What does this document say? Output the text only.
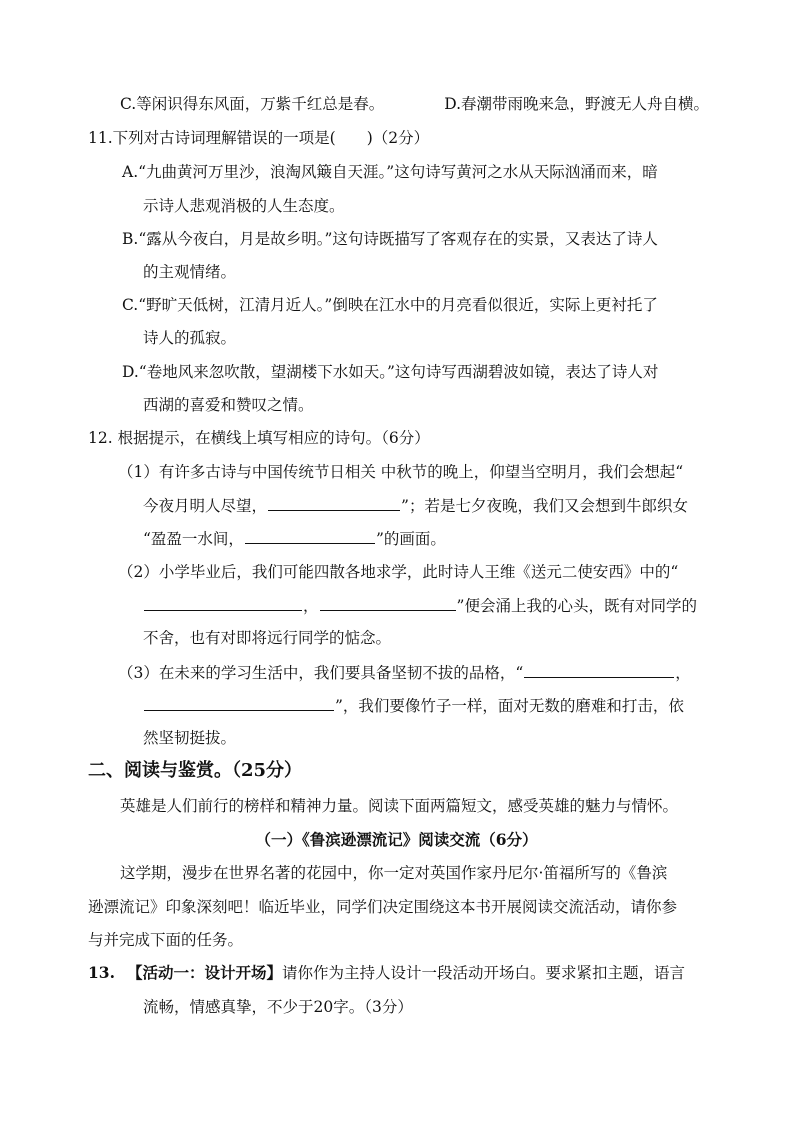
C.等闲识得东风面，万紫千红总是春。	D.春潮带雨晚来急，野渡无人舟自横。
11.下列对古诗词理解错误的一项是(　　)（2分）
A.“九曲黄河万里沙，浪淘风簸自天涯。”这句诗写黄河之水从天际汹涌而来，暗
示诗人悲观消极的人生态度。
B.“露从今夜白，月是故乡明。”这句诗既描写了客观存在的实景，又表达了诗人
的主观情绪。
C.“野旷天低树，江清月近人。”倒映在江水中的月亮看似很近，实际上更衬托了
诗人的孤寂。
D.“卷地风来忽吹散，望湖楼下水如天。”这句诗写西湖碧波如镜，表达了诗人对
西湖的喜爱和赞叹之情。
12. 根据提示，在横线上填写相应的诗句。（6分）
（1）有许多古诗与中国传统节日相关 中秋节的晚上，仰望当空明月，我们会想起“
今夜月明人尽望，	”；若是七夕夜晚，我们又会想到牛郎织女
“盈盈一水间，	”的画面。
（2）小学毕业后，我们可能四散各地求学，此时诗人王维《送元二使安西》中的“
，	”便会涌上我的心头，既有对同学的
不舍，也有对即将远行同学的惦念。
（3）在未来的学习生活中，我们要具备坚韧不拔的品格，“	，
”，我们要像竹子一样，面对无数的磨难和打击，依
然坚韧挺拔。
二、阅读与鉴赏。（25分）
英雄是人们前行的榜样和精神力量。阅读下面两篇短文，感受英雄的魅力与情怀。
（一）《鲁滨逊漂流记》阅读交流（6分）
这学期，漫步在世界名著的花园中，你一定对英国作家丹尼尔·笛福所写的《鲁滨
逊漂流记》印象深刻吧！临近毕业，同学们决定围绕这本书开展阅读交流活动，请你参
与并完成下面的任务。
13. 【活动一：设计开场】请你作为主持人设计一段活动开场白。要求紧扣主题，语言
流畅，情感真挚，不少于20字。（3分）
